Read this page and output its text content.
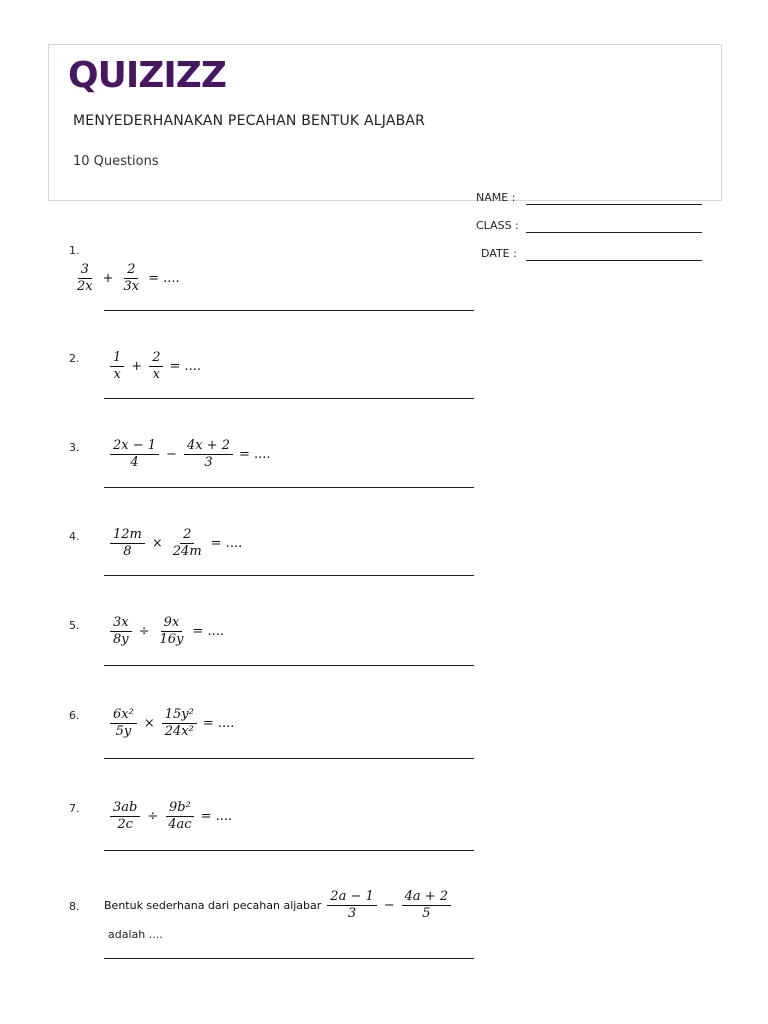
QUIZIZZ
MENYEDERHANAKAN PECAHAN BENTUK ALJABAR
10 Questions
NAME :
CLASS :
DATE :
1.
$\frac{3}{2x} + \frac{2}{3x}$ = ....
2. $\frac{1}{x} + \frac{2}{x}$ = ....
3. $\frac{2x - 1}{4} - \frac{4x + 2}{3}$ = ....
4. $\frac{12m}{8} \times \frac{2}{24m}$ = ....
5. $\frac{3x}{8y} \div \frac{9x}{16y}$ = ....
6. $\frac{\text{6x²}}{5y} \times \frac{\text{15y²}}{\text{24x²}}$ = ....
7. $\frac{3ab}{2c} \div \frac{\text{9b²}}{4ac}$ = ....
8. Bentuk sederhana dari pecahan aljabar $\frac{2a - 1}{3} - \frac{4a + 2}{5}$
adalah ....
